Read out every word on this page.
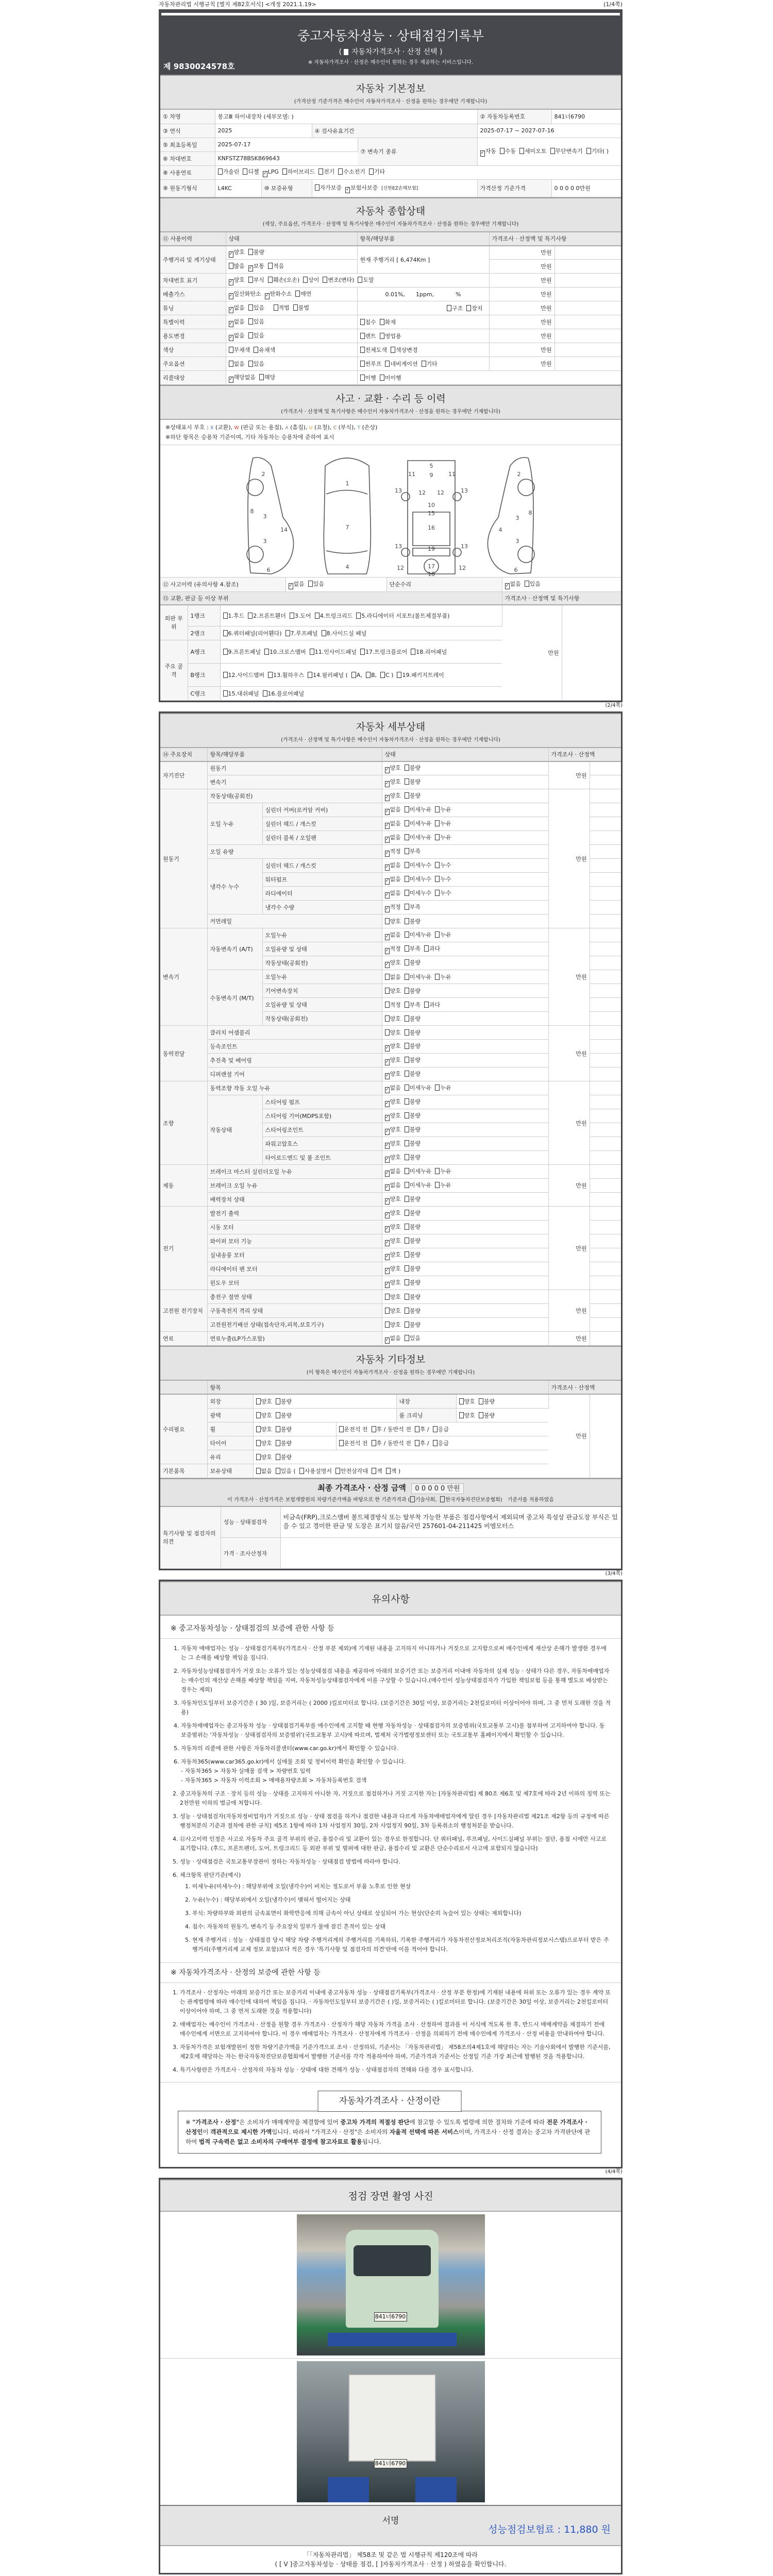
자동차관리법 시행규칙 [별지 제82호서식] <개정 2021.1.19>	(1/4쪽)
중고자동차성능 · 상태점검기록부
(  자동차가격조사 · 산정 선택 )
※ 자동차가격조사 · 산정은 매수인이 원하는 경우 제공하는 서비스입니다.
제 9830024578호
자동차 기본정보
(가격산정 기준가격은 매수인이 자동차가격조사 · 산정을 원하는 경우에만 기재합니다)
① 차명	봉고Ⅲ 하이내장차 (세부모델: )				② 자동차등록번호	841너6790
③ 연식	2025		④ 검사유효기간		2025-07-17 ~ 2027-07-16	
⑤ 최초등록일	2025-07-17			⑦ 변속기 종류	✓자동 수동 세미오토 무단변속기 기타( )	
⑥ 차대번호	KNFSTZ78BSK869643					
⑧ 사용연료	가솔린 디젤 ✓LPG 하이브리드 전기 수소전기 기타					
⑨ 원동기형식	L4KC	⑩ 보증유형	자가보증 ✓보험사보증 [신한EZ손해보험]		가격산정 기준가격	0 0 0 0 0만원
자동차 종합상태
(색상, 주요옵션, 가격조사 · 산정액 및 특기사항은 매수인이 자동차가격조사 · 산정을 원하는 경우에만 기재합니다)
⑪ 사용이력	상태	항목/해당부품	가격조사 · 산정액 및 특기사항	
주행거리 및 계기상태	✓양호 불량	현재 주행거리 [ 6,474Km ]	만원	
	많음 ✓보통 적음		만원	
차대번호 표기	✓양호 부식 훼손(오손) 상이 변조(변타) 도말		만원	
배출가스	✓일산화탄소 ✓탄화수소 매연	0.01%,      1ppm,            %	만원	
튜닝	✓없음 있음 적법 불법	구조 장치	만원	
특별이력	✓없음 있음	침수 화재	만원	
용도변경	✓없음 있음	렌트 영업용	만원	
색상	무채색 유채색	전체도색 색상변경	만원	
주요옵션	없음 있음	썬루프 네비게이션 기타	만원	
리콜대상	✓해당없음 해당	이행 미이행		
사고 · 교환 · 수리 등 이력
(가격조사 · 산정액 및 특기사항은 매수인이 자동차가격조사 · 산정을 원하는 경우에만 기재합니다)
※상태표시 부호 : X (교환), W (판금 또는 용접), A (흠집), U (요철), C (부식), T (손상)
※하단 항목은 승용차 기준이며, 기타 자동차는 승용차에 준하여 표시
2
8
3
3
14
6
1
7
4
5
9
11	11
13	13
12 12
10
15
16
13	13
19
17
12	12
18
2
3
8
4
3
6
⑫ 사고이력 (유의사항 4.참조)			✓없음 있음	단순수리	✓없음 있음	
⑬ 교환, 판금 등 이상 부위					가격조사 · 산정액 및 특기사항	
외판 부위	1랭크	1.후드 2.프론트휀더 3.도어 4.트렁크리드 5.라디에이터 서포트(볼트체결부품)			만원	
	2랭크	6.쿼터패널(리어휀다) 7.루프패널 8.사이드실 패널				
주요 골격	A랭크	9.프론트패널 10.크로스멤버 11.인사이드패널 17.트렁크플로어 18.리어패널				
	B랭크	12.사이드멤버 13.휠하우스 14.필러패널 ( A, B, C ) 19.패키지트레이				
	C랭크	15.대쉬패널 16.플로어패널				
(2/4쪽)
자동차 세부상태
(가격조사 · 산정액 및 특기사항은 매수인이 자동차가격조사 · 산정을 원하는 경우에만 기재합니다)
⑭ 주요장치	항목/해당부품		상태	가격조사 · 산정액	
자기진단	원동기		✓양호 불량	만원	
	변속기		✓양호 불량		
원동기	작동상태(공회전)		✓양호 불량	만원	
	오일 누유	실린더 커버(로커암 커버)	✓없음 미세누유 누유		
		실린더 헤드 / 개스킷	✓없음 미세누유 누유		
		실린더 블록 / 오일팬	✓없음 미세누유 누유		
	오일 유량		✓적정 부족		
	냉각수 누수	실린더 헤드 / 개스킷	✓없음 미세누수 누수		
		워터펌프	✓없음 미세누수 누수		
		라디에이터	✓없음 미세누수 누수		
		냉각수 수량	✓적정 부족		
	커먼레일		양호 불량		
변속기	자동변속기 (A/T)	오일누유	✓없음 미세누유 누유	만원	
		오일유량 및 상태	✓적정 부족 과다		
		작동상태(공회전)	✓양호 불량		
	수동변속기 (M/T)	오일누유	없음 미세누유 누유		
		기어변속장치	양호 불량		
		오일유량 및 상태	적정 부족 과다		
		작동상태(공회전)	양호 불량		
동력전달	클러치 어셈블리		양호 불량	만원	
	등속조인트		✓양호 불량		
	추진축 및 베어링		✓양호 불량		
	디퍼렌셜 기어		✓양호 불량		
조향	동력조향 작동 오일 누유		✓없음 미세누유 누유	만원	
	작동상태	스티어링 펌프	✓양호 불량		
		스티어링 기어(MDPS포함)	✓양호 불량		
		스티어링조인트	✓양호 불량		
		파워고압호스	✓양호 불량		
		타이로드엔드 및 볼 조인트	✓양호 불량		
제동	브레이크 마스터 실린더오일 누유		✓없음 미세누유 누유	만원	
	브레이크 오일 누유		✓없음 미세누유 누유		
	배력장치 상태		✓양호 불량		
전기	발전기 출력		✓양호 불량	만원	
	시동 모터		✓양호 불량		
	와이퍼 모터 기능		✓양호 불량		
	실내송풍 모터		✓양호 불량		
	라디에이터 팬 모터		✓양호 불량		
	윈도우 모터		✓양호 불량		
고전원 전기장치	충전구 절연 상태		양호 불량	만원	
	구동축전지 격리 상태		양호 불량		
	고전원전기배선 상태(접속단자,피복,보호기구)		양호 불량		
연료	연료누출(LP가스포함)		✓없음 있음	만원	
자동차 기타정보
(이 항목은 매수인이 자동차가격조사 · 산정을 원하는 경우에만 기재합니다)
	항목					가격조사 · 산정액	
수리필요	외장	양호 불량		내장	양호 불량	만원	
	광택	양호 불량		룸 크리닝	양호 불량		
	휠	양호 불량	운전석 전 후 / 동반석 전 후 / 응급				
	타이어	양호 불량	운전석 전 후 / 동반석 전 후 / 응급				
	유리	양호 불량					
기본품목	보유상태	없음 있음 ( 사용설명서 안전삼각대 잭 잭 )					
최종 가격조사 · 산정 금액 0 0 0 0 0 만원
이 가격조사 · 산정가격은 보험개발원의 차량기준가액을 바탕으로 한 기준가격과 ( 기술사회, 한국자동차진단보증협회) 기준서를 적용하였음
특기사항 및 점검자의 의견	성능 · 상태점검자	비금속(FRP),크로스멤버 볼트체결방식 또는 탈부착 가능한 부품은 점검사항에서 제외되며 중고차 특성상 판금도장 부식은 있을 수 있고 경미한 판금 및 도장은 표기치 않음/국민 257601-04-211425 비엠모터스
	가격 · 조사산정자	
(3/4쪽)
유의사항
※ 중고자동차성능 · 상태점검의 보증에 관한 사항 등
1. 자동차 매매업자는 성능 · 상태점검기록부(가격조사 · 산정 부분 제외)에 기재된 내용을 고지하지 아니하거나 거짓으로 고지함으로써 매수인에게 재산상 손해가 발생한 경우에는 그 손해를 배상할 책임을 집니다.
2. 자동차성능상태점검자가 거짓 또는 오류가 있는 성능상태점검 내용을 제공하여 아래의 보증기간 또는 보증거리 이내에 자동차의 실제 성능 · 상태가 다른 경우, 자동차매매업자는 매수인의 재산상 손해를 배상할 책임을 지며, 자동차성능상태점검자에게 이를 구상할 수 있습니다.(매수인이 성능상태점검자가 가입한 책임보험 등을 통해 별도로 배상받는 경우는 제외)
3. 자동차인도일부터 보증기간은 ( 30 )일, 보증거리는 ( 2000 )킬로미터로 합니다. (보증기간은 30일 이상, 보증거리는 2천킬로미터 이상이어야 하며, 그 중 먼저 도래한 것을 적용)
4. 자동차매매업자는 중고자동차 성능 · 상태점검기록부를 매수인에게 고지할 때 현행 자동차성능 · 상태점검자의 보증범위(국토교통부 고시)를 첨부하여 고지하여야 합니다. 동 보증범위는 '자동차성능 · 상태점검자의 보증범위'(국토교통부 고시)에 따르며, 법제처 국가법령정보센터 또는 국토교통부 홈페이지에서 확인할 수 있습니다.
5. 자동차의 리콜에 관한 사항은 자동차리콜센터(www.car.go.kr)에서 확인할 수 있습니다.
6. 자동차365(www.car365.go.kr)에서 실매물 조회 및 정비이력 확인을 확인할 수 있습니다.
- 자동차365 > 자동차 실매물 검색 > 차량번호 입력
- 자동차365 > 자동차 이력조회 > 매매용차량조회 > 자동차등록번호 검색
2. 중고자동차의 구조 · 장치 등의 성능 · 상태를 고지하지 아니한 자, 거짓으로 점검하거나 거짓 고지한 자는 [자동차관리법] 제 80조 제6호 및 제7호에 따라 2년 이하의 징역 또는 2천만원 이하의 벌금에 처합니다.
3. 성능 · 상태점검자(자동차정비업자)가 거짓으로 성능 · 상태 점검을 하거나 점검한 내용과 다르게 자동차매매업자에게 알린 경우 [자동차관리법 제21조 제2항 등의 규정에 따른 행정처분의 기준과 절차에 관한 규칙] 제5조 1항에 따라 1차 사업정지 30일, 2차 사업정지 90일, 3차 등록취소의 행정처분을 받습니다.
4. ⑫사고이력 인정은 사고로 자동차 주요 골격 부위의 판금, 용접수리 및 교환이 있는 경우로 한정합니다. 단 쿼터패널, 루프패널, 사이드실패널 부위는 절단, 용접 시에만 사고로 표기합니다. (후드, 프론트펜더, 도어, 트렁크리드 등 외판 부위 및 범퍼에 대한 판금, 용접수리 및 교환은 단순수리로서 사고에 포함되지 않습니다)
5. 성능 · 상태점검은 국토교통부장관이 정하는 자동차성능 · 상태점검 방법에 따라야 합니다.
6. 체크항목 판단기준(예시)
1. 미세누유(미세누수) : 해당부위에 오일(냉각수)이 비치는 정도로서 부품 노후로 인한 현상
2. 누유(누수) : 해당부위에서 오일(냉각수)이 맺혀서 떨어지는 상태
3. 부식: 차량하부와 외판의 금속표면이 화학반응에 의해 금속이 아닌 상태로 상실되어 가는 현상(단순히 녹슬어 있는 상태는 제외합니다)
4. 침수: 자동차의 원동기, 변속기 등 주요장치 일부가 물에 잠긴 흔적이 있는 상태
5. 현재 주행거리 : 성능 · 상태점검 당시 해당 차량 주행거리계의 주행거리를 기록하되, 기록한 주행거리가 자동차전산정보처리조직(자동차관리정보시스템)으로부터 받은 주행거리(주행거리계 교체 정보 포함)보다 적은 경우 '특기사항 및 점검자의 의견'란에 이를 적어야 합니다.
※ 자동차가격조사 · 산정의 보증에 관한 사항 등
1. 가격조사 · 산정자는 아래의 보증기간 또는 보증거리 이내에 중고자동차 성능 · 상태점검기록부(가격조사 · 산정 부분 한정)에 기재된 내용에 허위 또는 오류가 있는 경우 계약 또는 관계법령에 따라 매수인에 대하여 책임을 집니다. · 자동차인도일부터 보증기간은 ( )일, 보증거리는 ( )킬로미터로 합니다. (보증기간은 30일 이상, 보증거리는 2천킬로미터 이상이어야 하며, 그 중 먼저 도래한 것을 적용합니다)
2. 매매업자는 매수인이 가격조사 · 산정을 원할 경우 가격조사 · 산정자가 해당 자동차 가격을 조사 · 산정하여 결과를 이 서식에 적도록 한 후, 반드시 매매계약을 체결하기 전에 매수인에게 서면으로 고지하여야 합니다. 이 경우 매매업자는 가격조사 · 산정자에게 가격조사 · 산정을 의뢰하기 전에 매수인에게 가격조사 · 산정 비용을 안내하여야 합니다.
3. 자동차가격은 보험개발원이 정한 차량기준가액을 기준가격으로 조사 · 산정하되, 기준서는 「자동차관리법」 제58조의4제1호에 해당하는 자는 기술사회에서 발행한 기준서를, 제2호에 해당하는 자는 한국자동차진단보증협회에서 발행한 기준서를 각각 적용하여야 하며, 기준가격과 기준서는 산정일 기준 가장 최근에 발행된 것을 적용합니다.
4. 특기사항란은 가격조사 · 산정자의 자동차 성능 · 상태에 대한 견해가 성능 · 상태점검자의 견해와 다를 경우 표시합니다.
자동차가격조사 · 산정이란
※ "가격조사 · 산정"은 소비자가 매매계약을 체결함에 있어 중고차 가격의 적절성 판단에 참고할 수 있도록 법령에 의한 절차와 기준에 따라 전문 가격조사 · 산정인이 객관적으로 제시한 가액입니다. 따라서 "가격조사 · 산정"은 소비자의 자율적 선택에 따른 서비스이며, 가격조사 · 산정 결과는 중고차 가격판단에 관하여 법적 구속력은 없고 소비자의 구매여부 결정에 참고자료로 활용됩니다.
(4/4쪽)
점검 장면 촬영 사진
841너6790
841너6790
서명
성능점검보험료 : 11,880 원
「「자동차관리법」 제58조 및 같은 법 시행규칙 제120조에 따라
( [ V ]중고자동차성능 · 상태를 점검, [ ]자동차가격조사 · 산정 ) 하였음을 확인합니다.
